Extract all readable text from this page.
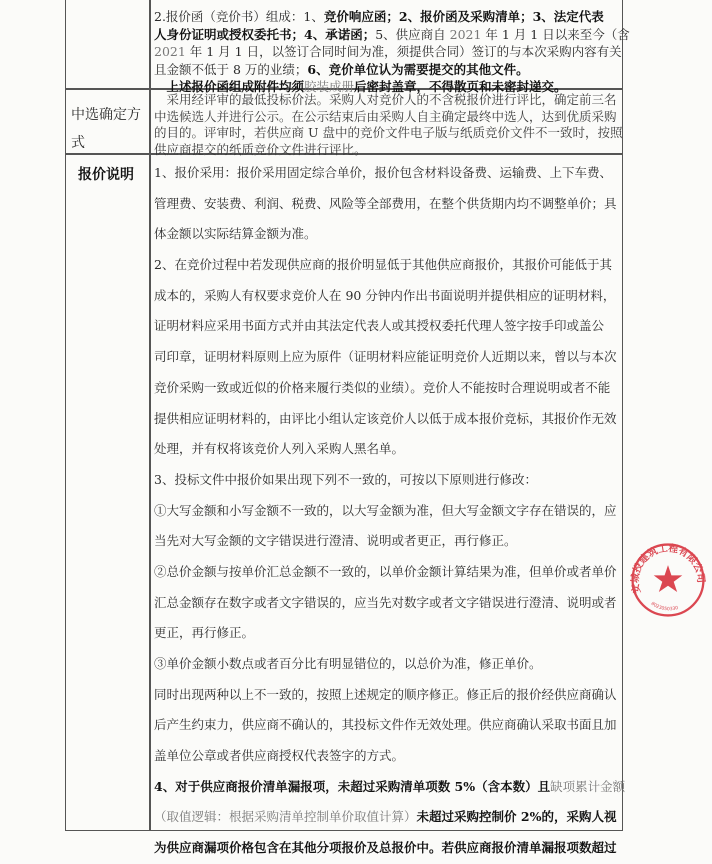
2.报价函（竞价书）组成：1、竞价响应函；2、报价函及采购清单；3、法定代表
人身份证明或授权委托书；4、承诺函；5、供应商自 2021 年 1 月 1 日以来至今（含
2021 年 1 月 1 日，以签订合同时间为准，须提供合同）签订的与本次采购内容有关
且金额不低于 8 万的业绩；6、竞价单位认为需要提交的其他文件。
　上述报价函组成附件均须胶装成册后密封盖章，不得散页和未密封递交。
中选确定方
式
　采用经评审的最低投标价法。采购人对竞价人的不含税报价进行评比，确定前三名
中选候选人并进行公示。在公示结束后由采购人自主确定最终中选人，达到优质采购
的目的。评审时，若供应商 U 盘中的竞价文件电子版与纸质竞价文件不一致时，按照
供应商提交的纸质竞价文件进行评比。
报价说明 1、报价采用：报价采用固定综合单价，报价包含材料设备费、运输费、上下车费、
管理费、安装费、利润、税费、风险等全部费用，在整个供货期内均不调整单价；具
体金额以实际结算金额为准。
2、在竞价过程中若发现供应商的报价明显低于其他供应商报价，其报价可能低于其
成本的，采购人有权要求竞价人在 90 分钟内作出书面说明并提供相应的证明材料，
证明材料应采用书面方式并由其法定代表人或其授权委托代理人签字按手印或盖公
司印章，证明材料原则上应为原件（证明材料应能证明竞价人近期以来，曾以与本次
竞价采购一致或近似的价格来履行类似的业绩）。竞价人不能按时合理说明或者不能
提供相应证明材料的，由评比小组认定该竞价人以低于成本报价竞标，其报价作无效
处理，并有权将该竞价人列入采购人黑名单。
3、投标文件中报价如果出现下列不一致的，可按以下原则进行修改：
①大写金额和小写金额不一致的，以大写金额为准，但大写金额文字存在错误的，应
当先对大写金额的文字错误进行澄清、说明或者更正，再行修正。
②总价金额与按单价汇总金额不一致的，以单价金额计算结果为准，但单价或者单价
汇总金额存在数字或者文字错误的，应当先对数字或者文字错误进行澄清、说明或者
更正，再行修正。
③单价金额小数点或者百分比有明显错位的，以总价为准，修正单价。
同时出现两种以上不一致的，按照上述规定的顺序修正。修正后的报价经供应商确认
后产生约束力，供应商不确认的，其投标文件作无效处理。供应商确认采取书面且加
盖单位公章或者供应商授权代表签字的方式。
4、对于供应商报价清单漏报项，未超过采购清单项数 5%（含本数）且缺项累计金额
（取值逻辑：根据采购清单控制单价取值计算）未超过采购控制价 2%的，采购人视
为供应商漏项价格包含在其他分项报价及总报价中。若供应商报价清单漏报项数超过
安城投建筑工程有限公司
8023050330
